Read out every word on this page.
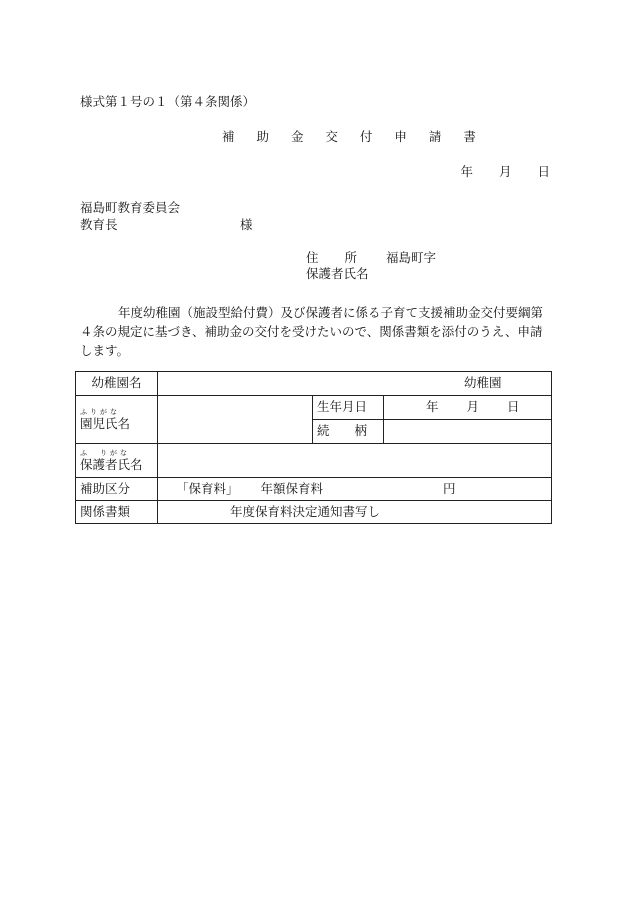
様式第１号の１（第４条関係）
補 助 金 交 付 申 請 書
年 月 日
福島町教育委員会
教育長	様
住 所 福島町字
保護者氏名
年度幼稚園（施設型給付費）及び保護者に係る子育て支援補助金交付要綱第４条の規定に基づき、補助金の交付を受けたいので、関係書類を添付のうえ、申請します。
幼稚園名	幼稚園		

ふりがな
園児氏名		生年月日	年 月 日
		続　　柄	

ふ　りがな
保護者氏名			
補助区分	「保育料」 年額保育料 円		
関係書類	年度保育料決定通知書写し		
